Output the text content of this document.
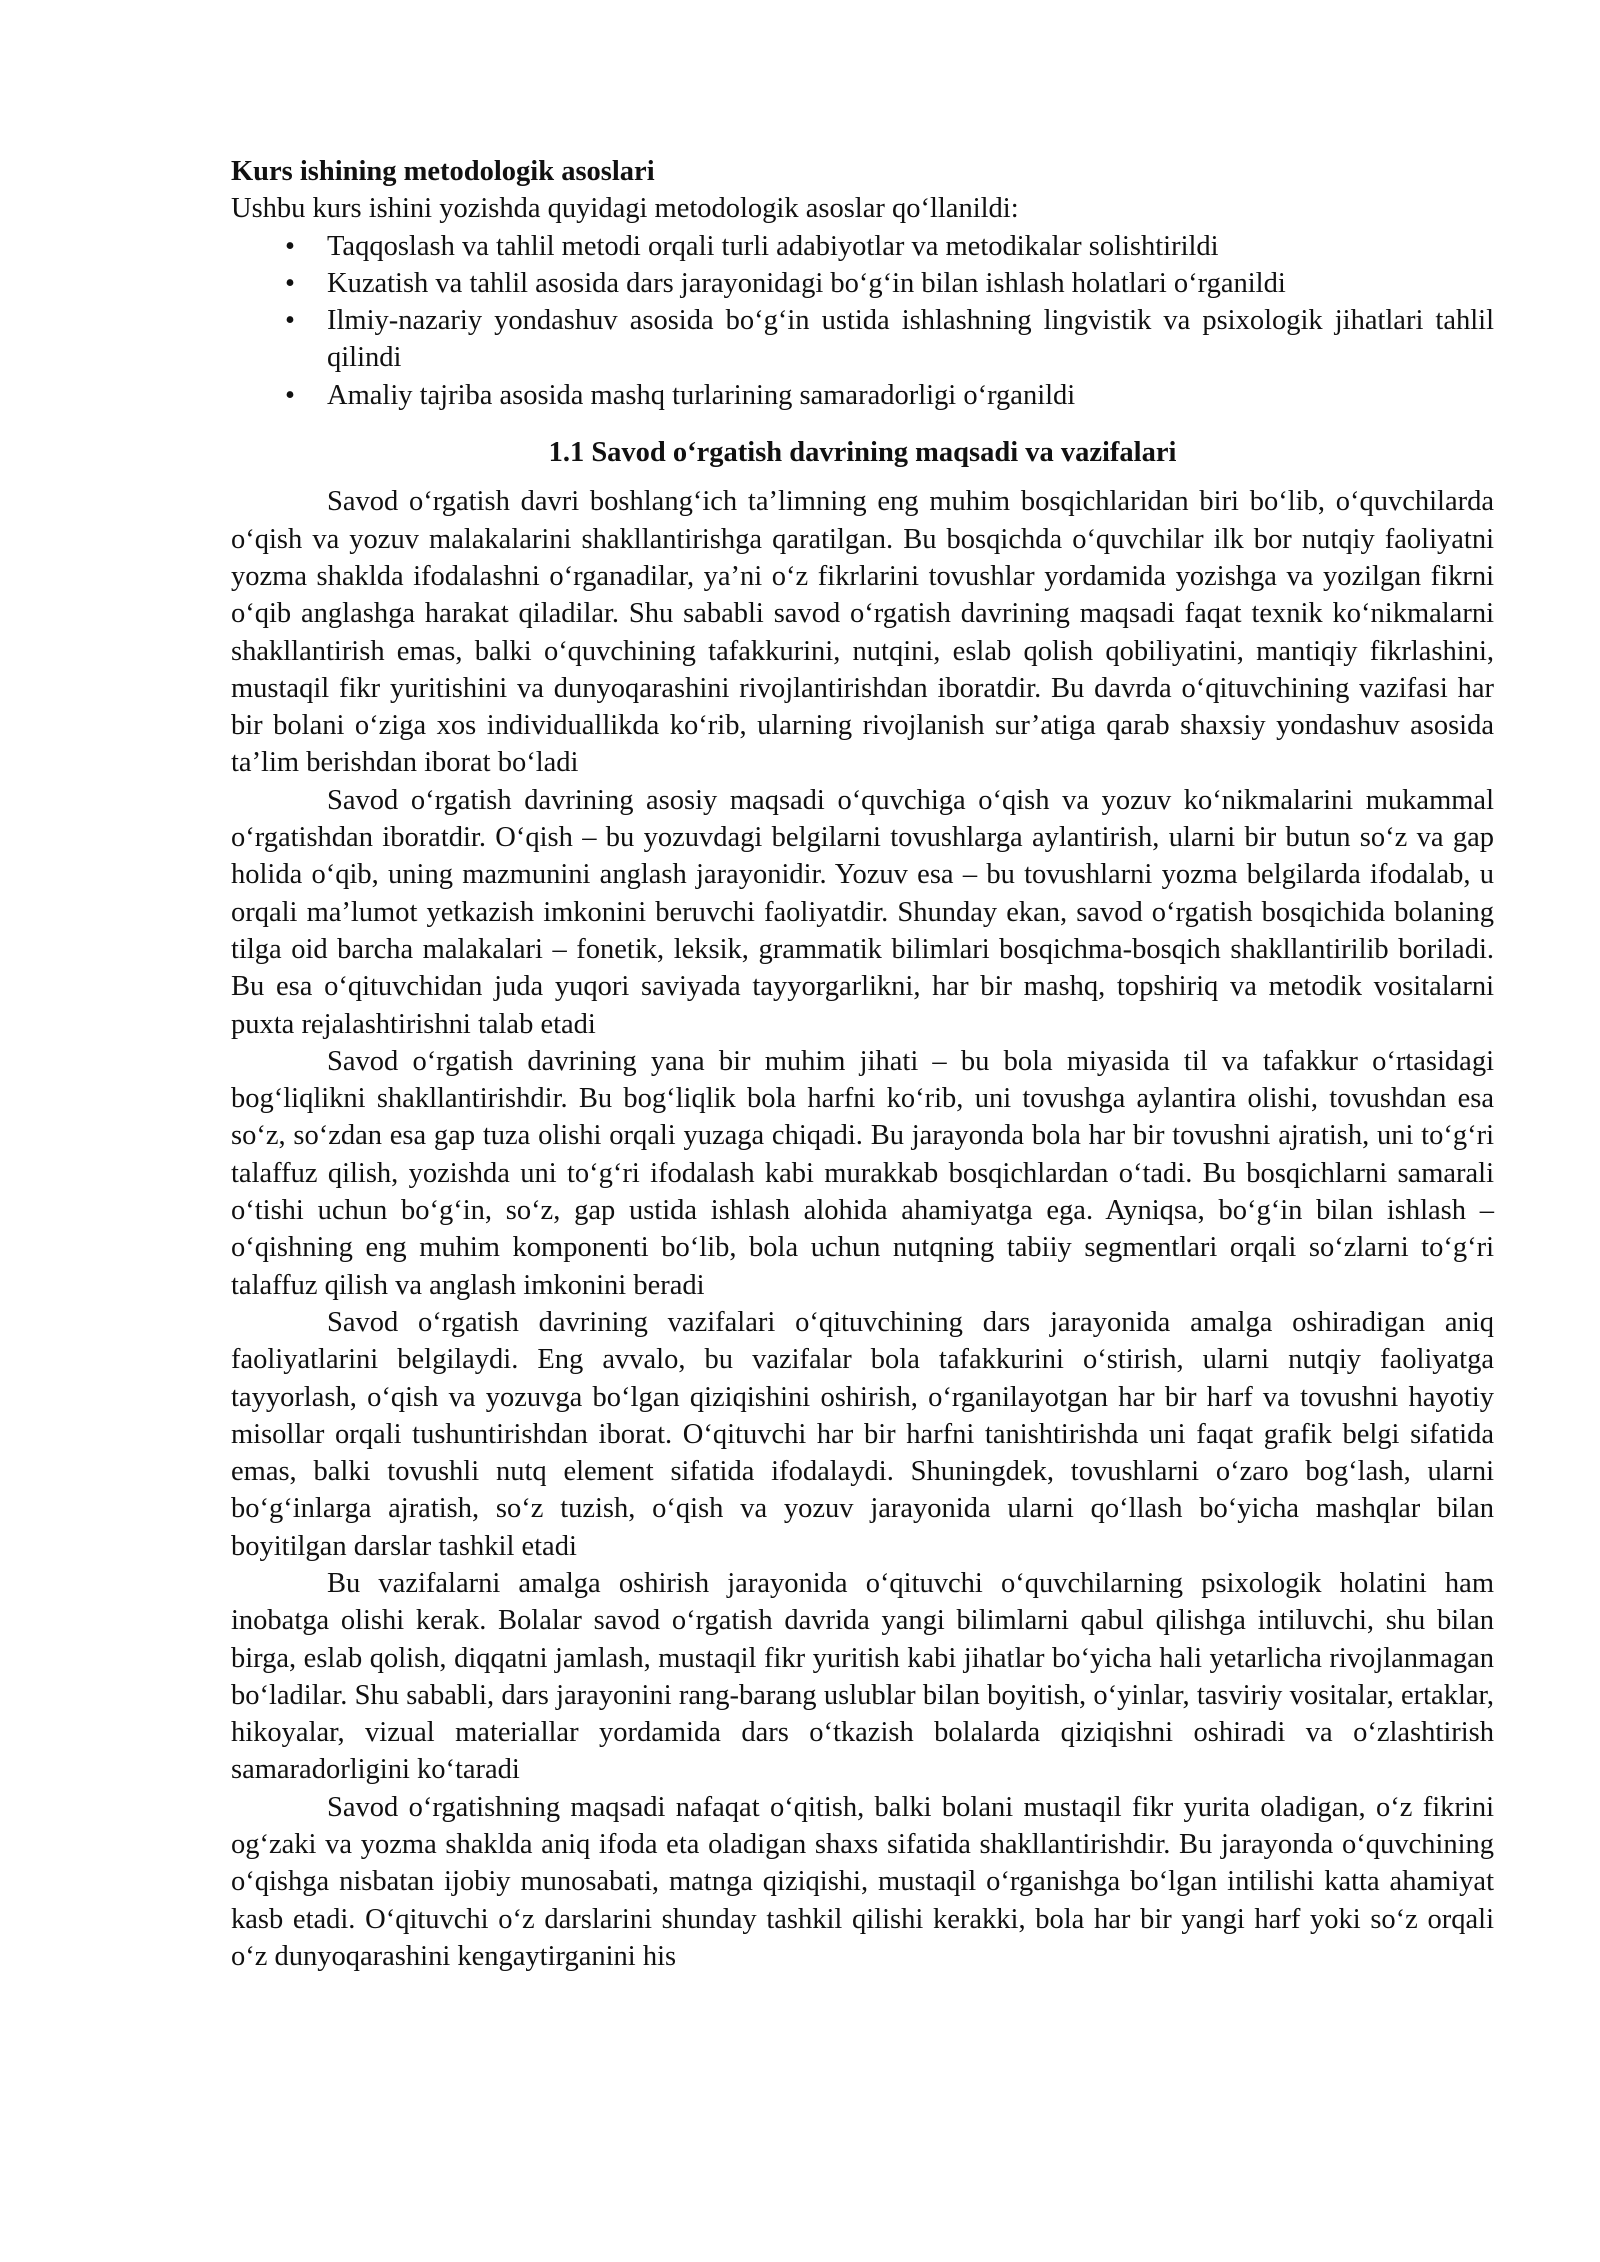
Kurs ishining metodologik asoslari

Ushbu kurs ishini yozishda quyidagi metodologik asoslar qo‘llanildi:

• Taqqoslash va tahlil metodi orqali turli adabiyotlar va metodikalar solishtirildi
• Kuzatish va tahlil asosida dars jarayonidagi bo‘g‘in bilan ishlash holatlari o‘rganildi
• Ilmiy-nazariy yondashuv asosida bo‘g‘in ustida ishlashning lingvistik va psixologik jihatlari tahlil qilindi
• Amaliy tajriba asosida mashq turlarining samaradorligi o‘rganildi

1.1 Savod o‘rgatish davrining maqsadi va vazifalari

Savod o‘rgatish davri boshlang‘ich ta’limning eng muhim bosqichlaridan biri bo‘lib, o‘quvchilarda o‘qish va yozuv malakalarini shakllantirishga qaratilgan. Bu bosqichda o‘quvchilar ilk bor nutqiy faoliyatni yozma shaklda ifodalashni o‘rganadilar, ya’ni o‘z fikrlarini tovushlar yordamida yozishga va yozilgan fikrni o‘qib anglashga harakat qiladilar. Shu sababli savod o‘rgatish davrining maqsadi faqat texnik ko‘nikmalarni shakllantirish emas, balki o‘quvchining tafakkurini, nutqini, eslab qolish qobiliyatini, mantiqiy fikrlashini, mustaqil fikr yuritishini va dunyoqarashini rivojlantirishdan iboratdir. Bu davrda o‘qituvchining vazifasi har bir bolani o‘ziga xos individuallikda ko‘rib, ularning rivojlanish sur’atiga qarab shaxsiy yondashuv asosida ta’lim berishdan iborat bo‘ladi

Savod o‘rgatish davrining asosiy maqsadi o‘quvchiga o‘qish va yozuv ko‘nikmalarini mukammal o‘rgatishdan iboratdir. O‘qish – bu yozuvdagi belgilarni tovushlarga aylantirish, ularni bir butun so‘z va gap holida o‘qib, uning mazmunini anglash jarayonidir. Yozuv esa – bu tovushlarni yozma belgilarda ifodalab, u orqali ma’lumot yetkazish imkonini beruvchi faoliyatdir. Shunday ekan, savod o‘rgatish bosqichida bolaning tilga oid barcha malakalari – fonetik, leksik, grammatik bilimlari bosqichma-bosqich shakllantirilib boriladi. Bu esa o‘qituvchidan juda yuqori saviyada tayyorgarlikni, har bir mashq, topshiriq va metodik vositalarni puxta rejalashtirishni talab etadi

Savod o‘rgatish davrining yana bir muhim jihati – bu bola miyasida til va tafakkur o‘rtasidagi bog‘liqlikni shakllantirishdir. Bu bog‘liqlik bola harfni ko‘rib, uni tovushga aylantira olishi, tovushdan esa so‘z, so‘zdan esa gap tuza olishi orqali yuzaga chiqadi. Bu jarayonda bola har bir tovushni ajratish, uni to‘g‘ri talaffuz qilish, yozishda uni to‘g‘ri ifodalash kabi murakkab bosqichlardan o‘tadi. Bu bosqichlarni samarali o‘tishi uchun bo‘g‘in, so‘z, gap ustida ishlash alohida ahamiyatga ega. Ayniqsa, bo‘g‘in bilan ishlash – o‘qishning eng muhim komponenti bo‘lib, bola uchun nutqning tabiiy segmentlari orqali so‘zlarni to‘g‘ri talaffuz qilish va anglash imkonini beradi

Savod o‘rgatish davrining vazifalari o‘qituvchining dars jarayonida amalga oshiradigan aniq faoliyatlarini belgilaydi. Eng avvalo, bu vazifalar bola tafakkurini o‘stirish, ularni nutqiy faoliyatga tayyorlash, o‘qish va yozuvga bo‘lgan qiziqishini oshirish, o‘rganilayotgan har bir harf va tovushni hayotiy misollar orqali tushuntirishdan iborat. O‘qituvchi har bir harfni tanishtirishda uni faqat grafik belgi sifatida emas, balki tovushli nutq element sifatida ifodalaydi. Shuningdek, tovushlarni o‘zaro bog‘lash, ularni bo‘g‘inlarga ajratish, so‘z tuzish, o‘qish va yozuv jarayonida ularni qo‘llash bo‘yicha mashqlar bilan boyitilgan darslar tashkil etadi

Bu vazifalarni amalga oshirish jarayonida o‘qituvchi o‘quvchilarning psixologik holatini ham inobatga olishi kerak. Bolalar savod o‘rgatish davrida yangi bilimlarni qabul qilishga intiluvchi, shu bilan birga, eslab qolish, diqqatni jamlash, mustaqil fikr yuritish kabi jihatlar bo‘yicha hali yetarlicha rivojlanmagan bo‘ladilar. Shu sababli, dars jarayonini rang-barang uslublar bilan boyitish, o‘yinlar, tasviriy vositalar, ertaklar, hikoyalar, vizual materiallar yordamida dars o‘tkazish bolalarda qiziqishni oshiradi va o‘zlashtirish samaradorligini ko‘taradi

Savod o‘rgatishning maqsadi nafaqat o‘qitish, balki bolani mustaqil fikr yurita oladigan, o‘z fikrini og‘zaki va yozma shaklda aniq ifoda eta oladigan shaxs sifatida shakllantirishdir. Bu jarayonda o‘quvchining o‘qishga nisbatan ijobiy munosabati, matnga qiziqishi, mustaqil o‘rganishga bo‘lgan intilishi katta ahamiyat kasb etadi. O‘qituvchi o‘z darslarini shunday tashkil qilishi kerakki, bola har bir yangi harf yoki so‘z orqali o‘z dunyoqarashini kengaytirganini his
